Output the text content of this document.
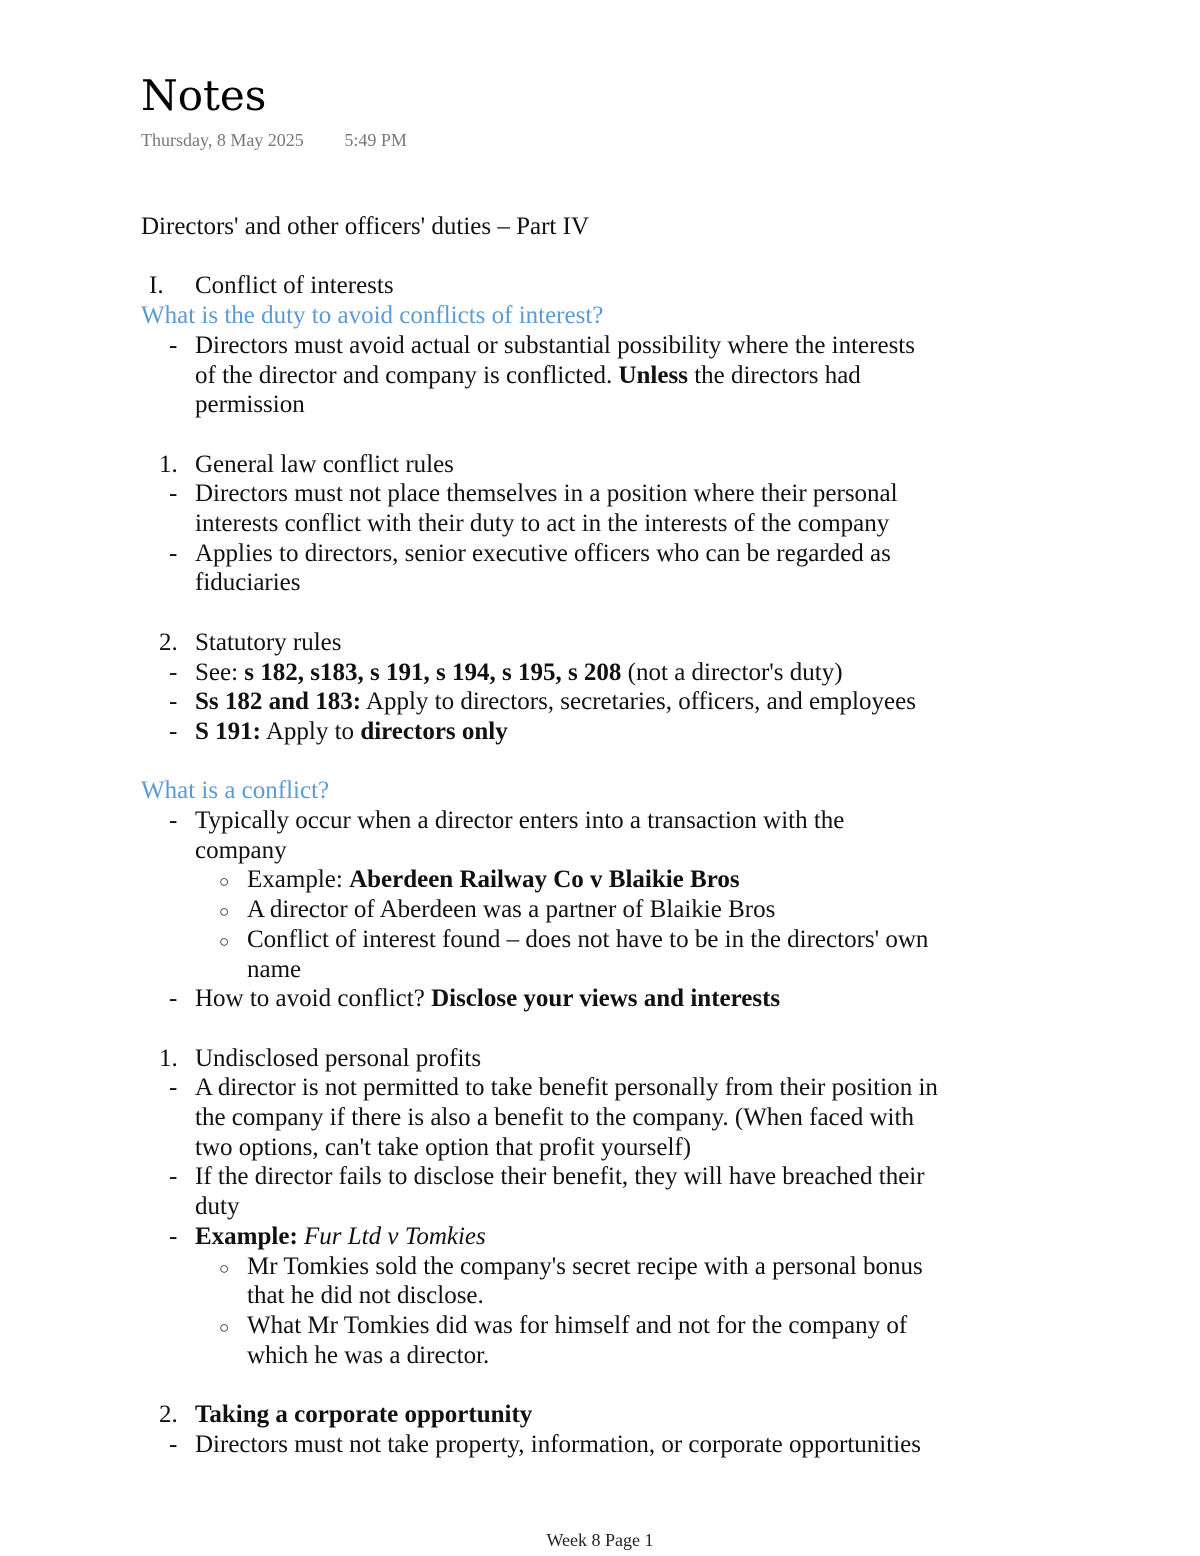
Notes
Thursday, 8 May 2025 5:49 PM
Directors' and other officers' duties – Part IV
I. Conflict of interests
What is the duty to avoid conflicts of interest?
- Directors must avoid actual or substantial possibility where the interests
of the director and company is conflicted. Unless the directors had
permission
1. General law conflict rules
- Directors must not place themselves in a position where their personal
interests conflict with their duty to act in the interests of the company
- Applies to directors, senior executive officers who can be regarded as
fiduciaries
2. Statutory rules
- See: s 182, s183, s 191, s 194, s 195, s 208 (not a director's duty)
- Ss 182 and 183: Apply to directors, secretaries, officers, and employees
- S 191: Apply to directors only
What is a conflict?
- Typically occur when a director enters into a transaction with the
company
○ Example: Aberdeen Railway Co v Blaikie Bros
○ A director of Aberdeen was a partner of Blaikie Bros
○ Conflict of interest found – does not have to be in the directors' own
name
- How to avoid conflict? Disclose your views and interests
1. Undisclosed personal profits
- A director is not permitted to take benefit personally from their position in
the company if there is also a benefit to the company. (When faced with
two options, can't take option that profit yourself)
- If the director fails to disclose their benefit, they will have breached their
duty
- Example: Fur Ltd v Tomkies
○ Mr Tomkies sold the company's secret recipe with a personal bonus
that he did not disclose.
○ What Mr Tomkies did was for himself and not for the company of
which he was a director.
2. Taking a corporate opportunity
- Directors must not take property, information, or corporate opportunities
Week 8 Page 1
